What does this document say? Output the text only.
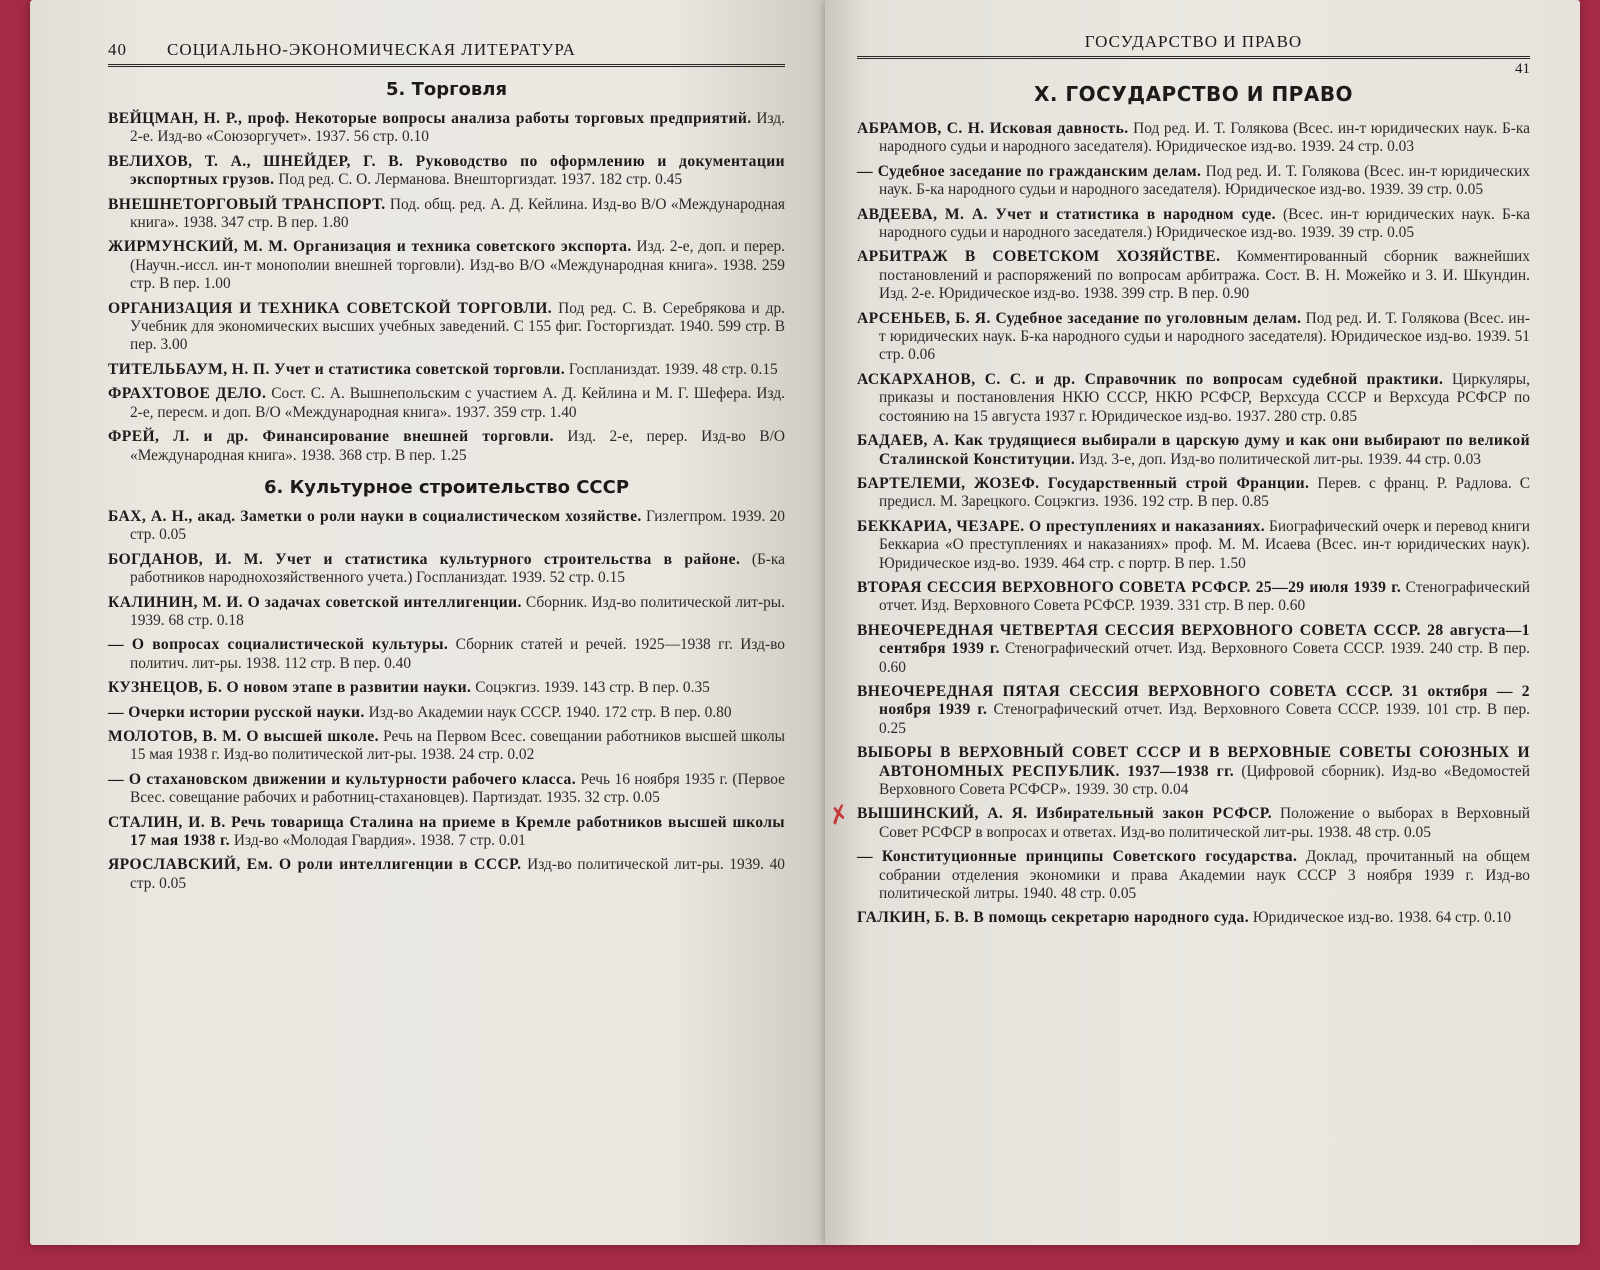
40 СОЦИАЛЬНО-ЭКОНОМИЧЕСКАЯ ЛИТЕРАТУРА
5. Торговля
ВЕЙЦМАН, Н. Р., проф. Некоторые вопросы анализа работы торговых предприятий. Изд. 2-е. Изд-во «Союзоргучет». 1937. 56 стр. 0.10
ВЕЛИХОВ, Т. А., ШНЕЙДЕР, Г. В. Руководство по оформлению и документации экспортных грузов. Под ред. С. О. Лерманова. Внешторгиздат. 1937. 182 стр. 0.45
ВНЕШНЕТОРГОВЫЙ ТРАНСПОРТ. Под. общ. ред. А. Д. Кейлина. Изд-во В/О «Международная книга». 1938. 347 стр. В пер. 1.80
ЖИРМУНСКИЙ, М. М. Организация и техника советского экспорта. Изд. 2-е, доп. и перер. (Научн.-иссл. ин-т монополии внешней торговли). Изд-во В/О «Международная книга». 1938. 259 стр. В пер. 1.00
ОРГАНИЗАЦИЯ И ТЕХНИКА СОВЕТСКОЙ ТОРГОВЛИ. Под ред. С. В. Серебрякова и др. Учебник для экономических высших учебных заведений. С 155 фиг. Госторгиздат. 1940. 599 стр. В пер. 3.00
ТИТЕЛЬБАУМ, Н. П. Учет и статистика советской торговли. Госпланиздат. 1939. 48 стр. 0.15
ФРАХТОВОЕ ДЕЛО. Сост. С. А. Вышнепольским с участием А. Д. Кейлина и М. Г. Шефера. Изд. 2-е, пересм. и доп. В/О «Международная книга». 1937. 359 стр. 1.40
ФРЕЙ, Л. и др. Финансирование внешней торговли. Изд. 2-е, перер. Изд-во В/О «Международная книга». 1938. 368 стр. В пер. 1.25
6. Культурное строительство СССР
БАХ, А. Н., акад. Заметки о роли науки в социалистическом хозяйстве. Гизлегпром. 1939. 20 стр. 0.05
БОГДАНОВ, И. М. Учет и статистика культурного строительства в районе. (Б-ка работников народнохозяйственного учета.) Госпланиздат. 1939. 52 стр. 0.15
КАЛИНИН, М. И. О задачах советской интеллигенции. Сборник. Изд-во политической лит-ры. 1939. 68 стр. 0.18
— О вопросах социалистической культуры. Сборник статей и речей. 1925—1938 гг. Изд-во политич. лит-ры. 1938. 112 стр. В пер. 0.40
КУЗНЕЦОВ, Б. О новом этапе в развитии науки. Соцэкгиз. 1939. 143 стр. В пер. 0.35
— Очерки истории русской науки. Изд-во Академии наук СССР. 1940. 172 стр. В пер. 0.80
МОЛОТОВ, В. М. О высшей школе. Речь на Первом Всес. совещании работников высшей школы 15 мая 1938 г. Изд-во политической лит-ры. 1938. 24 стр. 0.02
— О стахановском движении и культурности рабочего класса. Речь 16 ноября 1935 г. (Первое Всес. совещание рабочих и работниц-стахановцев). Партиздат. 1935. 32 стр. 0.05
СТАЛИН, И. В. Речь товарища Сталина на приеме в Кремле работников высшей школы 17 мая 1938 г. Изд-во «Молодая Гвардия». 1938. 7 стр. 0.01
ЯРОСЛАВСКИЙ, Ем. О роли интеллигенции в СССР. Изд-во политической лит-ры. 1939. 40 стр. 0.05
ГОСУДАРСТВО И ПРАВО
41
X. ГОСУДАРСТВО И ПРАВО
АБРАМОВ, С. Н. Исковая давность. Под ред. И. Т. Голякова (Всес. ин-т юридических наук. Б-ка народного судьи и народного заседателя). Юридическое изд-во. 1939. 24 стр. 0.03
— Судебное заседание по гражданским делам. Под ред. И. Т. Голякова (Всес. ин-т юридических наук. Б-ка народного судьи и народного заседателя). Юридическое изд-во. 1939. 39 стр. 0.05
АВДЕЕВА, М. А. Учет и статистика в народном суде. (Всес. ин-т юридических наук. Б-ка народного судьи и народного заседателя.) Юридическое изд-во. 1939. 39 стр. 0.05
АРБИТРАЖ В СОВЕТСКОМ ХОЗЯЙСТВЕ. Комментированный сборник важнейших постановлений и распоряжений по вопросам арбитража. Сост. В. Н. Можейко и З. И. Шкундин. Изд. 2-е. Юридическое изд-во. 1938. 399 стр. В пер. 0.90
АРСЕНЬЕВ, Б. Я. Судебное заседание по уголовным делам. Под ред. И. Т. Голякова (Всес. ин-т юридических наук. Б-ка народного судьи и народного заседателя). Юридическое изд-во. 1939. 51 стр. 0.06
АСКАРХАНОВ, С. С. и др. Справочник по вопросам судебной практики. Циркуляры, приказы и постановления НКЮ СССР, НКЮ РСФСР, Верхсуда СССР и Верхсуда РСФСР по состоянию на 15 августа 1937 г. Юридическое изд-во. 1937. 280 стр. 0.85
БАДАЕВ, А. Как трудящиеся выбирали в царскую думу и как они выбирают по великой Сталинской Конституции. Изд. 3-е, доп. Изд-во политической лит-ры. 1939. 44 стр. 0.03
БАРТЕЛЕМИ, ЖОЗЕФ. Государственный строй Франции. Перев. с франц. Р. Радлова. С предисл. М. Зарецкого. Соцэкгиз. 1936. 192 стр. В пер. 0.85
БЕККАРИА, ЧЕЗАРЕ. О преступлениях и наказаниях. Биографический очерк и перевод книги Беккариа «О преступлениях и наказаниях» проф. М. М. Исаева (Всес. ин-т юридических наук). Юридическое изд-во. 1939. 464 стр. с портр. В пер. 1.50
ВТОРАЯ СЕССИЯ ВЕРХОВНОГО СОВЕТА РСФСР. 25—29 июля 1939 г. Стенографический отчет. Изд. Верховного Совета РСФСР. 1939. 331 стр. В пер. 0.60
ВНЕОЧЕРЕДНАЯ ЧЕТВЕРТАЯ СЕССИЯ ВЕРХОВНОГО СОВЕТА СССР. 28 августа—1 сентября 1939 г. Стенографический отчет. Изд. Верховного Совета СССР. 1939. 240 стр. В пер. 0.60
ВНЕОЧЕРЕДНАЯ ПЯТАЯ СЕССИЯ ВЕРХОВНОГО СОВЕТА СССР. 31 октября — 2 ноября 1939 г. Стенографический отчет. Изд. Верховного Совета СССР. 1939. 101 стр. В пер. 0.25
ВЫБОРЫ В ВЕРХОВНЫЙ СОВЕТ СССР И В ВЕРХОВНЫЕ СОВЕТЫ СОЮЗНЫХ И АВТОНОМНЫХ РЕСПУБЛИК. 1937—1938 гг. (Цифровой сборник). Изд-во «Ведомостей Верховного Совета РСФСР». 1939. 30 стр. 0.04
✗ ВЫШИНСКИЙ, А. Я. Избирательный закон РСФСР. Положение о выборах в Верховный Совет РСФСР в вопросах и ответах. Изд-во политической лит-ры. 1938. 48 стр. 0.05
— Конституционные принципы Советского государства. Доклад, прочитанный на общем собрании отделения экономики и права Академии наук СССР 3 ноября 1939 г. Изд-во политической литры. 1940. 48 стр. 0.05
ГАЛКИН, Б. В. В помощь секретарю народного суда. Юридическое изд-во. 1938. 64 стр. 0.10
